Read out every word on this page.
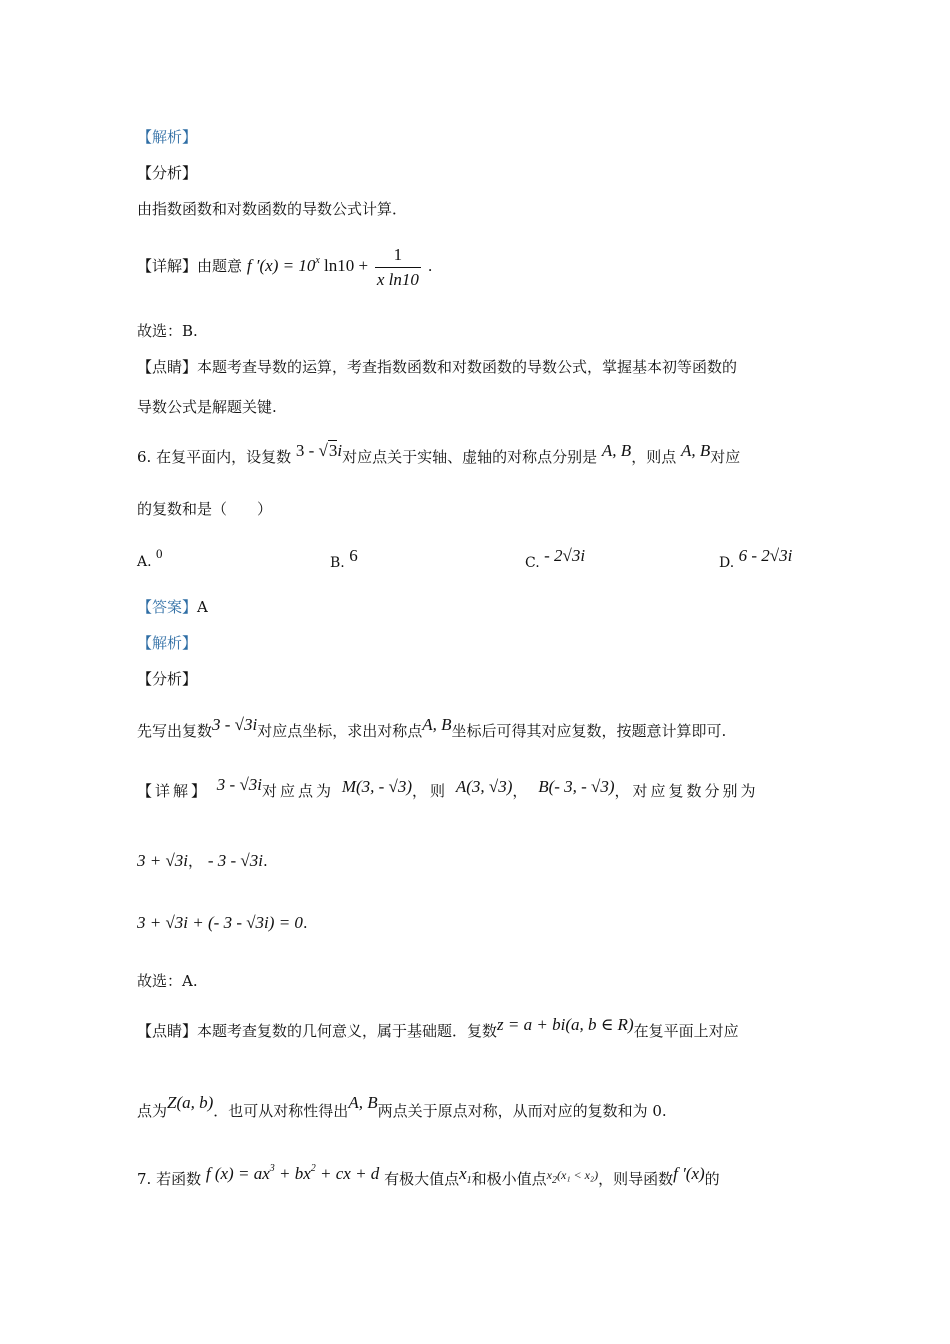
【解析】
【分析】
由指数函数和对数函数的导数公式计算．
【详解】由题意 f $'(x) = 10^x$ $\ln 10 + \frac{1}{\text{x ln10}}$ .
故选：B.
【点睛】本题考查导数的运算，考查指数函数和对数函数的导数公式，掌握基本初等函数的
导数公式是解题关键.
6. 在复平面内，设复数 3 - √3i对应点关于实轴、虚轴的对称点分别是 A, B，则点 A, B对应
的复数和是（　　）
A. 0
B. 6	C. - 2√3i	D. 6 - 2√3i
【答案】A
【解析】
【分析】
先写出复数3 - √3i对应点坐标，求出对称点A, B坐标后可得其对应复数，按题意计算即可.
【详解】 3 - √3i对应点为 M(3, - √3)，则 A(3, √3)， B(- 3, - √3)，对应复数分别为
3 + √3i， - 3 - √3i.
3 + √3i + (- 3 - √3i) = 0.
故选：A.
【点睛】本题考查复数的几何意义，属于基础题．复数z = a + bi(a, b ∈ R)在复平面上对应
点为Z(a, b)．也可从对称性得出A, B两点关于原点对称，从而对应的复数和为 0.
7. 若函数 f $(x) = ax^3 + bx^2$ + cx + d 有极大值点$x_1$和极小值点$^{x_2(x_1 < x_2)}$，则导函数f ′(x)的
